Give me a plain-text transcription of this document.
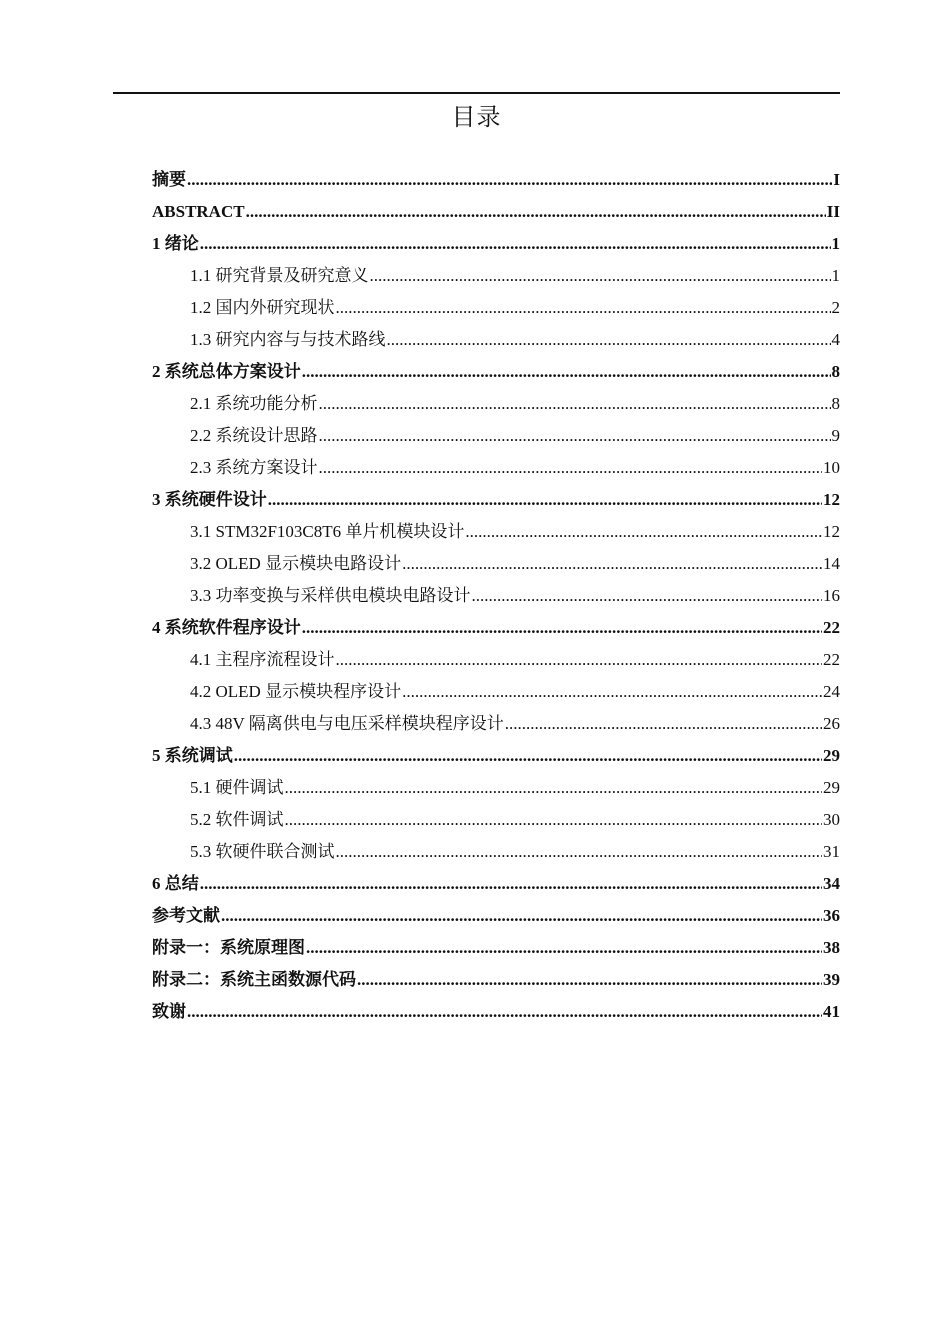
目录
摘要 .....	I
ABSTRACT .....	II
1 绪论 .....	1
1.1 研究背景及研究意义 .....	1
1.2 国内外研究现状 .....	2
1.3 研究内容与与技术路线 .....	4
2 系统总体方案设计 .....	8
2.1 系统功能分析 .....	8
2.2 系统设计思路 .....	9
2.3 系统方案设计 .....	10
3 系统硬件设计 .....	12
3.1 STM32F103C8T6 单片机模块设计 .....	12
3.2 OLED 显示模块电路设计 .....	14
3.3 功率变换与采样供电模块电路设计 .....	16
4 系统软件程序设计 .....	22
4.1 主程序流程设计 .....	22
4.2 OLED 显示模块程序设计 .....	24
4.3 48V 隔离供电与电压采样模块程序设计 .....	26
5 系统调试 .....	29
5.1 硬件调试 .....	29
5.2 软件调试 .....	30
5.3 软硬件联合测试 .....	31
6 总结 .....	34
参考文献 .....	36
附录一：系统原理图 .....	38
附录二：系统主函数源代码 .....	39
致谢 .....	41
